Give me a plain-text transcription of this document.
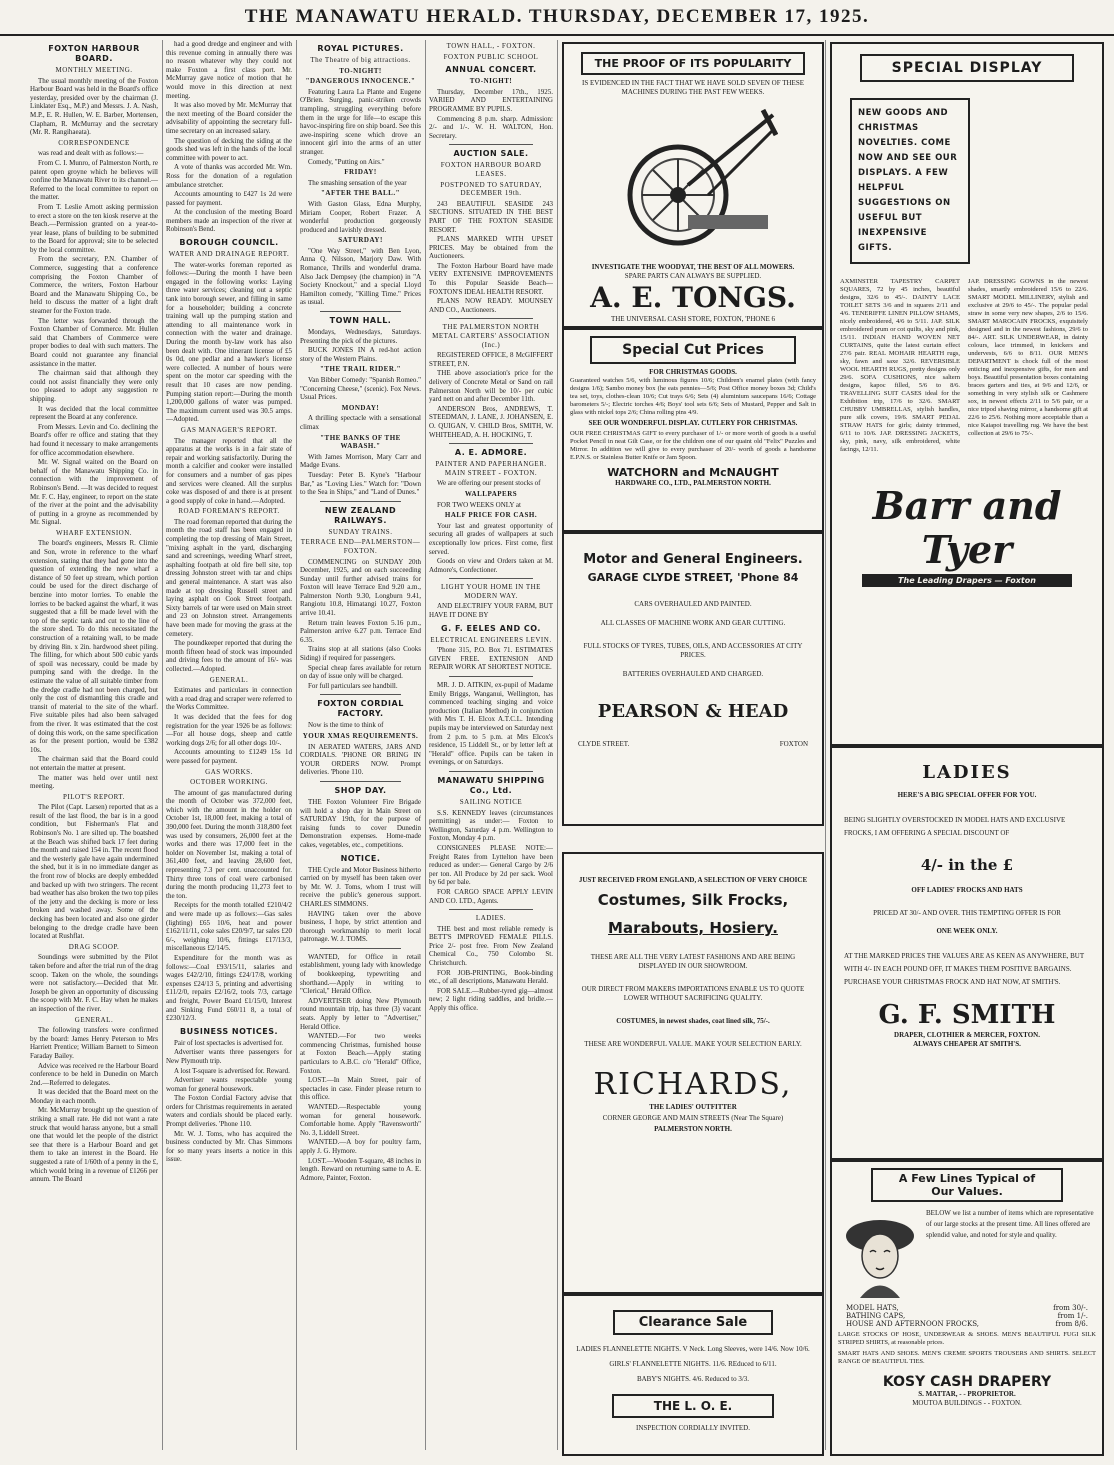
THE MANAWATU HERALD. THURSDAY, DECEMBER 17, 1925.
FOXTON HARBOUR BOARD.
MONTHLY MEETING.

The usual monthly meeting of the Foxton Harbour Board was held in the Board's office yesterday, presided over by the chairman (J. Linklater Esq., M.P.) and Messrs. J. A. Nash, M.P., E. R. Hullen, W. E. Barber, Mortensen, Clapham, R. McMurray and the secretary (Mr. R. Rangihaeata).

CORRESPONDENCE

was read and dealt with as follows:—

From C. I. Munro, of Palmerston North, re patent open groyne which he believes will confine the Manawatu River to its channel.—Referred to the local committee to report on the matter.

From T. Leslie Arnott asking permission to erect a store on the ten kiosk reserve at the Beach.—Permission granted on a year-to-year lease, plans of building to be submitted to the Board for approval; site to be selected by the local committee.

From the secretary, P.N. Chamber of Commerce, suggesting that a conference comprising the Foxton Chamber of Commerce, the writers, Foxton Harbour Board and the Manawatu Shipping Co., be held to discuss the matter of a light draft steamer for the Foxton trade.

The letter was forwarded through the Foxton Chamber of Commerce. Mr. Hullen said that Chambers of Commerce were proper bodies to deal with such matters. The Board could not guarantee any financial assistance in the matter.

The chairman said that although they could not assist financially they were only too pleased to adopt any suggestion re shipping.

It was decided that the local committee represent the Board at any conference.

From Messrs. Levin and Co. declining the Board's offer re office and stating that they had found it necessary to make arrangements for office accommodation elsewhere.

Mr. W. Signal waited on the Board on behalf of the Manawatu Shipping Co. in connection with the improvement of Robinson's Bend. —It was decided to request Mr. F. C. Hay, engineer, to report on the state of the river at the point and the advisability of putting in a groyne as recommended by Mr. Signal.

WHARF EXTENSION.

The board's engineers, Messrs R. Climie and Son, wrote in reference to the wharf extension, stating that they had gone into the question of extending the new wharf a distance of 50 feet up stream, which portion could be used for the direct discharge of benzine into motor lorries. To enable the lorries to be backed against the wharf, it was suggested that a fill be made level with the top of the septic tank and cut to the line of the store shed. To do this necessitated the construction of a retaining wall, to be made by driving 8in. x 2in. hardwood sheet piling. The filling, for which about 500 cubic yards of spoil was necessary, could be made by pumping sand with the dredge. In the estimate the value of all suitable timber from the dredge cradle had not been charged, but only the cost of dismantling this cradle and transit of material to the site of the wharf. Five suitable piles had also been salvaged from the river. It was estimated that the cost of doing this work, on the same specification as for the present portion, would be £382 10s.

The chairman said that the Board could not entertain the matter at present.

The matter was held over until next meeting.

PILOT'S REPORT.

The Pilot (Capt. Larsen) reported that as a result of the last flood, the bar is in a good condition, but Fisherman's Flat and Robinson's No. 1 are silted up. The boatshed at the Beach was shifted back 17 feet during the month and raised 154 in. The recent flood and the westerly gale have again undermined the shed, but it is in no immediate danger as the front row of blocks are deeply embedded and backed up with two stringers. The recent bad weather has also broken the two top piles of the jetty and the decking is more or less broken and washed away. Some of the decking has been located and also one girder belonging to the dredge cradle have been located at Rushflat.

DRAG SCOOP.

Soundings were submitted by the Pilot taken before and after the trial run of the drag scoop. Taken on the whole, the soundings were not satisfactory.—Decided that Mr. Joseph be given an opportunity of discussing the scoop with Mr. F. C. Hay when he makes an inspection of the river.

GENERAL.

The following transfers were confirmed by the board: James Henry Peterson to Mrs Harriett Prentice; William Barnett to Simeon Faraday Bailey.

Advice was received re the Harbour Board conference to be held in Dunedin on March 2nd.—Referred to delegates.

It was decided that the Board meet on the Monday in each month.

Mr. McMurray brought up the question of striking a small rate. He did not want a rate struck that would harass anyone, but a small one that would let the people of the district see that there is a Harbour Board and get them to take an interest in the Board. He suggested a rate of 1/60th of a penny in the £, which would bring in a revenue of £1266 per annum. The Board

had a good dredge and engineer and with this revenue coming in annually there was no reason whatever why they could not make Foxton a first class port. Mr. McMurray gave notice of motion that he would move in this direction at next meeting.

It was also moved by Mr. McMurray that the next meeting of the Board consider the advisability of appointing the secretary full-time secretary on an increased salary.

The question of decking the siding at the goods shed was left in the hands of the local committee with power to act.

A vote of thanks was accorded Mr. Wm. Ross for the donation of a regulation ambulance stretcher.

Accounts amounting to £427 1s 2d were passed for payment.

At the conclusion of the meeting Board members made an inspection of the river at Robinson's Bend.

BOROUGH COUNCIL.
WATER AND DRAINAGE REPORT.

The water-works foreman reported as follows:—During the month I have been engaged in the following works: Laying three water services; cleaning out a septic tank into borough sewer, and filling in same for a householder; building a concrete training wall up the pumping station and attending to all maintenance work in connection with the water and drainage. During the month by-law work has also been dealt with. One itinerant license of £5 0s 0d, one pedlar and a hawker's license were collected. A number of hours were spent on the motor car speeding with the result that 10 cases are now pending. Pumping station report:—During the month 1,200,000 gallons of water was pumped. The maximum current used was 30.5 amps.—Adopted.

GAS MANAGER'S REPORT.

The manager reported that all the apparatus at the works is in a fair state of repair and working satisfactorily. During the month a calcifier and cooker were installed for consumers and a number of gas pipes and services were cleaned. All the surplus coke was disposed of and there is at present a good supply of coke in hand.—Adopted.

ROAD FOREMAN'S REPORT.

The road foreman reported that during the month the road staff has been engaged in completing the top dressing of Main Street, "mixing asphalt in the yard, discharging sand and screenings, weeding Wharf street, asphalting footpath at old fire bell site, top dressing Johnston street with tar and chips and general maintenance. A start was also made at top dressing Russell street and laying asphalt on Cook Street footpath. Sixty barrels of tar were used on Main street and 23 on Johnston street. Arrangements have been made for moving the grass at the cemetery.

The poundkeeper reported that during the month fifteen head of stock was impounded and driving fees to the amount of 16/- was collected.—Adopted.

GENERAL.

Estimates and particulars in connection with a road drag and scraper were referred to the Works Committee.

It was decided that the fees for dog registration for the year 1926 be as follows:—For all house dogs, sheep and cattle working dogs 2/6; for all other dogs 10/-.

Accounts amounting to £1249 15s 1d were passed for payment.

GAS WORKS.
OCTOBER WORKING.

The amount of gas manufactured during the month of October was 372,000 feet, which with the amount in the holder on October 1st, 18,000 feet, making a total of 390,000 feet. During the month 318,800 feet was used by consumers, 26,000 feet at the works and there was 17,000 feet in the holder on November 1st, making a total of 361,400 feet, and leaving 28,600 feet, representing 7.3 per cent. unaccounted for. Thirty three tons of coal were carbonised during the month producing 11,273 feet to the ton.

Receipts for the month totalled £210/4/2 and were made up as follows:—Gas sales (lighting) £65 10/6, heat and power £162/11/11, coke sales £20/9/7, tar sales £20 6/-, weighing 10/6, fittings £17/13/3, miscellaneous £2/14/5.

Expenditure for the month was as follows:—Coal £93/15/11, salaries and wages £42/2/10, fittings £24/17/8, working expenses £24/13 5, printing and advertising £11/2/0, repairs £2/16/2, tools 7/3, cartage and freight, Power Board £1/15/0, Interest and Sinking Fund £60/11 8, a total of £230/12/3.

BUSINESS NOTICES.

Pair of lost spectacles is advertised for.

Advertiser wants three passengers for New Plymouth trip.

A lost T-square is advertised for. Reward.

Advertiser wants respectable young woman for general housework.

The Foxton Cordial Factory advise that orders for Christmas requirements in aerated waters and cordials should be placed early. Prompt deliveries. 'Phone 110.

Mr. W. J. Toms, who has acquired the business conducted by Mr. Chas Simmons for so many years inserts a notice in this issue.

ROYAL PICTURES.
The Theatre of big attractions.
TO-NIGHT!
"DANGEROUS INNOCENCE."

Featuring Laura La Plante and Eugene O'Brien. Surging, panic-striken crowds trampling, struggling everything before them in the urge for life—to escape this havoc-inspiring fire on ship board. See this awe-inspiring scene which drove an innocent girl into the arms of an utter stranger.

Comedy, "Putting on Airs."

FRIDAY!

The smashing sensation of the year

"AFTER THE BALL."

With Gaston Glass, Edna Murphy, Miriam Cooper, Robert Frazer. A wonderful production gorgeously produced and lavishly dressed.

SATURDAY!

"One Way Street," with Ben Lyon, Anna Q. Nilsson, Marjory Daw. With Romance, Thrills and wonderful drama. Also Jack Dempsey (the champion) in "A Society Knockout," and a special Lloyd Hamilton comedy, "Killing Time." Prices as usual.

TOWN HALL.

Mondays, Wednesdays, Saturdays. Presenting the pick of the pictures.

BUCK JONES IN A red-hot action story of the Western Plains.

"THE TRAIL RIDER."

Van Bibber Comedy: "Spanish Romeo." "Concerning Cheese," (scenic). Fox News. Usual Prices.

MONDAY!

A thrilling spectacle with a sensational climax

"THE BANKS OF THE WABASH."

With James Morrison, Mary Carr and Madge Evans.

Tuesday: Peter B. Kyne's "Harbour Bar," as "Loving Lies." Watch for: "Down to the Sea in Ships," and "Land of Dunes."

NEW ZEALAND RAILWAYS.
SUNDAY TRAINS.
TERRACE END—PALMERSTON—FOXTON.

COMMENCING on SUNDAY 20th December, 1925, and on each succeeding Sunday until further advised trains for Foxton will leave Terrace End 9.20 a.m., Palmerston North 9.30, Longburn 9.41, Rangiotu 10.8, Himatangi 10.27, Foxton arrive 10.41.

Return train leaves Foxton 5.16 p.m., Palmerston arrive 6.27 p.m. Terrace End 6.35.

Trains stop at all stations (also Cooks Siding) if required for passengers.

Special cheap fares available for return on day of issue only will be charged.

For full particulars see handbill.

FOXTON CORDIAL FACTORY.

Now is the time to think of

YOUR XMAS REQUIREMENTS.

IN AERATED WATERS, JARS AND CORDIALS. 'PHONE OR BRING IN YOUR ORDERS NOW. Prompt deliveries. 'Phone 110.

SHOP DAY.

THE Foxton Volunteer Fire Brigade will hold a shop day in Main Street on SATURDAY 19th, for the purpose of raising funds to cover Dunedin Demonstration expenses. Home-made cakes, vegetables, etc., competitions.

NOTICE.

THE Cycle and Motor Business hitherto carried on by myself has been taken over by Mr. W. J. Toms, whom I trust will receive the public's generous support. CHARLES SIMMONS.

HAVING taken over the above business, I hope, by strict attention and thorough workmanship to merit local patronage. W. J. TOMS.

WANTED, for Office in retail establishment, young lady with knowledge of bookkeeping, typewriting and shorthand.—Apply in writing to "Clerical," Herald Office.

ADVERTISER doing New Plymouth round mountain trip, has three (3) vacant seats. Apply by letter to "Advertiser," Herald Office.

WANTED.—For two weeks commencing Christmas, furnished house at Foxton Beach.—Apply stating particulars to A.B.C. c/o "Herald" Office, Foxton.

LOST.—In Main Street, pair of spectacles in case. Finder please return to this office.

WANTED.—Respectable young woman for general housework. Comfortable home. Apply "Ravensworth" No. 3, Liddell Street.

WANTED.—A boy for poultry farm, apply J. G. Hymore.

LOST.—Wooden T-square, 48 inches in length. Reward on returning same to A. E. Admore, Painter, Foxton.

TOWN HALL, - FOXTON.
FOXTON PUBLIC SCHOOL
ANNUAL CONCERT.
TO-NIGHT!

Thursday, December 17th., 1925. VARIED AND ENTERTAINING PROGRAMME BY PUPILS.

Commencing 8 p.m. sharp. Admission: 2/- and 1/-. W. H. WALTON, Hon. Secretary.

AUCTION SALE.
FOXTON HARBOUR BOARD LEASES.
POSTPONED TO SATURDAY, DECEMBER 19th.

243 BEAUTIFUL SEASIDE 243 SECTIONS. SITUATED IN THE BEST PART OF THE FOXTON SEASIDE RESORT.

PLANS MARKED WITH UPSET PRICES. May be obtained from the Auctioneers.

The Foxton Harbour Board have made VERY EXTENSIVE IMPROVEMENTS To this Popular Seaside Beach—FOXTON'S IDEAL HEALTH RESORT.

PLANS NOW READY. MOUNSEY AND CO., Auctioneers.

THE PALMERSTON NORTH METAL CARTERS' ASSOCIATION (Inc.)

REGISTERED OFFICE, 8 McGIFFERT STREET, P.N.

THE above association's price for the delivery of Concrete Metal or Sand on rail Palmerston North will be 10/- per cubic yard nett on and after December 11th.

ANDERSON Bros, ANDREWS, T. STEEDMAN, J. LANE, J. JOHANSEN, E. O. QUIGAN, V. CHILD Bros, SMITH, W. WHITEHEAD, A. H. HOCKING, T.

A. E. ADMORE.
PAINTER AND PAPERHANGER. MAIN STREET - FOXTON.

We are offering our present stocks of

WALLPAPERS

FOR TWO WEEKS ONLY at

HALF PRICE FOR CASH.

Your last and greatest opportunity of securing all grades of wallpapers at such exceptionally low prices. First come, first served.

Goods on view and Orders taken at M. Admore's, Confectioner.

LIGHT YOUR HOME IN THE MODERN WAY.

AND ELECTRIFY YOUR FARM, BUT HAVE IT DONE BY

G. F. EELES AND CO.
ELECTRICAL ENGINEERS LEVIN.

'Phone 315, P.O. Box 71. ESTIMATES GIVEN FREE. EXTENSION AND REPAIR WORK AT SHORTEST NOTICE.

MR. J. D. AITKIN, ex-pupil of Madame Emily Briggs, Wanganui, Wellington, has commenced teaching singing and voice production (Italian Method) in conjunction with Mrs T. H. Elcox A.T.C.L. Intending pupils may be interviewed on Saturday next from 2 p.m. to 5 p.m. at Mrs Elcox's residence, 15 Liddell St., or by letter left at "Herald" office. Pupils can be taken in evenings, or on Saturdays.

MANAWATU SHIPPING Co., Ltd.
SAILING NOTICE

S.S. KENNEDY leaves (circumstances permitting) as under:— Foxton to Wellington, Saturday 4 p.m. Wellington to Foxton, Monday 4 p.m.

CONSIGNEES PLEASE NOTE:— Freight Rates from Lyttelton have been reduced as under:— General Cargo by 2/6 per ton. All Produce by 2d per sack. Wool by 6d per bale.

FOR CARGO SPACE APPLY LEVIN AND CO. LTD., Agents.

LADIES.

THE best and most reliable remedy is BETT'S IMPROVED FEMALE PILLS. Price 2/- post free. From New Zealand Chemical Co., 750 Colombo St. Christchurch.

FOR JOB-PRINTING, Book-binding etc., of all descriptions, Manawatu Herald.

FOR SALE.—Rubber-tyred gig—almost new; 2 light riding saddles, and bridle.—Apply this office.

THE PROOF OF ITS POPULARITY
IS EVIDENCED IN THE FACT THAT WE HAVE SOLD SEVEN OF THESE MACHINES DURING THE PAST FEW WEEKS.
INVESTIGATE THE WOODYAT, THE BEST OF ALL MOWERS.
SPARE PARTS CAN ALWAYS BE SUPPLIED.
A. E. TONGS.
THE UNIVERSAL CASH STORE, FOXTON, 'PHONE 6
Special Cut Prices
FOR CHRISTMAS GOODS.
Guaranteed watches 5/6, with luminous figures 10/6; Children's enamel plates (with fancy designs 1/6); Sambo money box (he eats pennies—5/6; Post Office money boxes 3d; Child's tea set, toys, clothes-clean 10/6; Cut trays 6/6; Sets (4) aluminium saucepans 16/6; Cottage barometers 5/-; Electric torches 4/6; Boys' tool sets 6/6; Sets of Mustard, Pepper and Salt in glass with nickel tops 2/6; China rolling pins 4/9.
SEE OUR WONDERFUL DISPLAY. CUTLERY FOR CHRISTMAS.
OUR FREE CHRISTMAS GIFT to every purchaser of 1/- or more worth of goods is a useful Pocket Pencil in neat Gilt Case, or for the children one of our quaint old "Felix" Puzzles and Mirror. In addition we will give to every purchaser of 20/- worth of goods a handsome E.P.N.S. or Stainless Butter Knife or Jam Spoon.
WATCHORN and McNAUGHT
HARDWARE CO., LTD., PALMERSTON NORTH.
Motor and General Engineers.
GARAGE CLYDE STREET, 'Phone 84
CARS OVERHAULED AND PAINTED.
ALL CLASSES OF MACHINE WORK AND GEAR CUTTING.
FULL STOCKS OF TYRES, TUBES, OILS, AND ACCESSORIES AT CITY PRICES.
BATTERIES OVERHAULED AND CHARGED.
PEARSON & HEAD
CLYDE STREET.	FOXTON
JUST RECEIVED FROM ENGLAND, A SELECTION OF VERY CHOICE
Costumes, Silk Frocks,
Marabouts, Hosiery.
THESE ARE ALL THE VERY LATEST FASHIONS AND ARE BEING DISPLAYED IN OUR SHOWROOM.
OUR DIRECT FROM MAKERS IMPORTATIONS ENABLE US TO QUOTE LOWER WITHOUT SACRIFICING QUALITY.
COSTUMES, in newest shades, coat lined silk, 75/-.
THESE ARE WONDERFUL VALUE. MAKE YOUR SELECTION EARLY.
RICHARDS,
THE LADIES' OUTFITTER
CORNER GEORGE AND MAIN STREETS (Near The Square)
PALMERSTON NORTH.
Clearance Sale
LADIES FLANNELETTE NIGHTS. V Neck. Long Sleeves, were 14/6. Now 10/6.
GIRLS' FLANNELETTE NIGHTS. 11/6. REduced to 6/11.
BABY'S NIGHTS. 4/6. Reduced to 3/3.
THE L. O. E.
INSPECTION CORDIALLY INVITED.
SPECIAL DISPLAY
NEW GOODS AND CHRISTMAS NOVELTIES. COME NOW AND SEE OUR DISPLAYS. A FEW HELPFUL SUGGESTIONS ON USEFUL BUT INEXPENSIVE GIFTS.
AXMINSTER TAPESTRY CARPET SQUARES, 72 by 45 inches, beautiful designs, 32/6 to 45/-. DAINTY LACE TOILET SETS 3/6 and in squares 2/11 and 4/6. TENERIFFE LINEN PILLOW SHAMS, nicely embroidered, 4/6 to 5/11. JAP. SILK embroidered prum or cot quilts, sky and pink, 15/11. INDIAN HAND WOVEN NET CURTAINS, quite the latest curtain effect 27/6 pair. REAL MOHAIR HEARTH rugs, sky, fawn and saxe 32/6. REVERSIBLE WOOL HEARTH RUGS, pretty designs only 29/6. SOFA CUSHIONS, nice saltern designs, kapoc filled, 5/6 to 8/6. TRAVELLING SUIT CASES ideal for the Exhibition trip, 17/6 to 32/6. SMART CHUBBY UMBRELLAS, stylish handles, pure silk covers, 19/6. SMART PEDAL STRAW HATS for girls; dainty trimmed, 6/11 to 10/6. JAP. DRESSING JACKETS, sky, pink, navy, silk embroidered, white facings, 12/11.
JAP. DRESSING GOWNS in the newest shades, smartly embroidered 15/6 to 22/6. SMART MODEL MILLINERY, stylish and exclusive at 29/6 to 45/-. The popular pedal straw in some very new shapes, 2/6 to 15/6. SMART MAROCAIN FROCKS, exquisitely designed and in the newest fashions, 29/6 to 84/-. ART. SILK UNDERWEAR, in dainty colours, lace trimmed, in knickers and undervests, 6/6 to 8/11. OUR MEN'S DEPARTMENT is chock full of the most enticing and inexpensive gifts, for men and boys. Beautiful presentation boxes containing braces garters and ties, at 9/6 and 12/6, or something in very stylish silk or Cashmere sox, in newest effects 2/11 to 5/6 pair, or a nice tripod shaving mirror, a handsome gift at 22/6 to 25/6. Nothing more acceptable than a nice Kaiapoi travelling rug. We have the best collection at 29/6 to 75/-.
Barr and Tyer
The Leading Drapers — Foxton
LADIES
HERE'S A BIG SPECIAL OFFER FOR YOU.
BEING SLIGHTLY OVERSTOCKED IN MODEL HATS AND EXCLUSIVE FROCKS, I AM OFFERING A SPECIAL DISCOUNT OF
4/- in the £
OFF LADIES' FROCKS AND HATS
PRICED AT 30/- AND OVER. THIS TEMPTING OFFER IS FOR
ONE WEEK ONLY.
AT THE MARKED PRICES THE VALUES ARE AS KEEN AS ANYWHERE, BUT WITH 4/- IN EACH POUND OFF, IT MAKES THEM POSITIVE BARGAINS. PURCHASE YOUR CHRISTMAS FROCK AND HAT NOW, AT SMITH'S.
G. F. SMITH
DRAPER, CLOTHIER & MERCER, FOXTON.
ALWAYS CHEAPER AT SMITH'S.
A Few Lines Typical of Our Values.
BELOW we list a number of items which are representative of our large stocks at the present time. All lines offered are splendid value, and noted for style and quality.
MODEL HATS,	from 30/-.
BATHING CAPS,	from 1/-.
HOUSE AND AFTERNOON FROCKS,	from 8/6.
LARGE STOCKS OF HOSE, UNDERWEAR & SHOES. MEN'S BEAUTIFUL FUGI SILK STRIPED SHIRTS, at reasonable prices.
SMART HATS AND SHOES. MEN'S CREME SPORTS TROUSERS AND SHIRTS. SELECT RANGE OF BEAUTIFUL TIES.
KOSY CASH DRAPERY
S. MATTAR, - - PROPRIETOR.
MOUTOA BUILDINGS - - FOXTON.
